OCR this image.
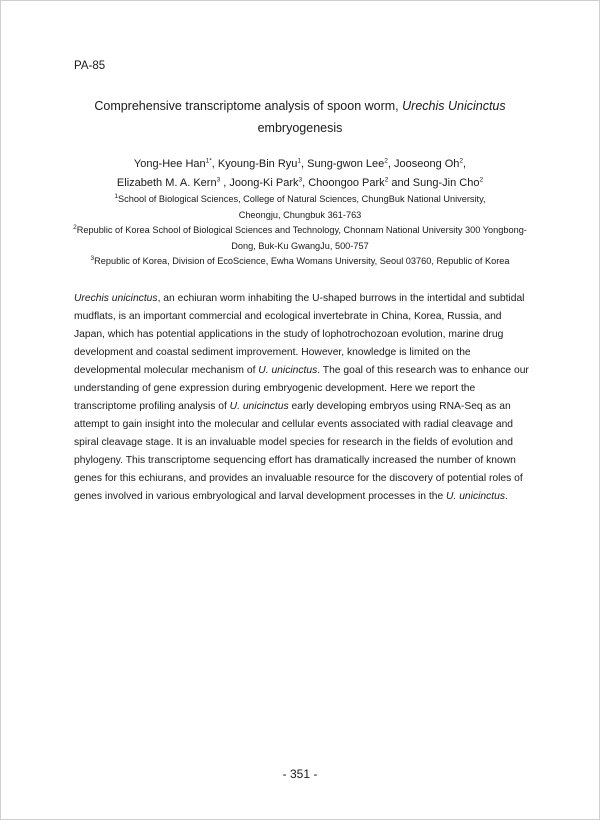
PA-85

Comprehensive transcriptome analysis of spoon worm, Urechis Unicinctus
embryogenesis
Yong-Hee Han$^{1*}$, Kyoung-Bin Ryu$^1$, Sung-gwon Lee$^2$, Jooseong Oh$^2$,
Elizabeth M. A. Kern$^3$ , Joong-Ki Park$^3$, Choongoo Park$^2$ and Sung-Jin Cho$^2$
$^1$School of Biological Sciences, College of Natural Sciences, ChungBuk National University,
Cheongju, Chungbuk 361-763
$^2$Republic of Korea School of Biological Sciences and Technology, Chonnam National University 300 Yongbong-
Dong, Buk-Ku GwangJu, 500-757
$^3$Republic of Korea, Division of EcoScience, Ewha Womans University, Seoul 03760, Republic of Korea

Urechis unicinctus, an echiuran worm inhabiting the U-shaped burrows in the intertidal and subtidal mudflats, is an important commercial and ecological invertebrate in China, Korea, Russia, and Japan, which has potential applications in the study of lophotrochozoan evolution, marine drug development and coastal sediment improvement. However, knowledge is limited on the developmental molecular mechanism of U. unicinctus. The goal of this research was to enhance our understanding of gene expression during embryogenic development. Here we report the transcriptome profiling analysis of U. unicinctus early developing embryos using RNA-Seq as an attempt to gain insight into the molecular and cellular events associated with radial cleavage and spiral cleavage stage. It is an invaluable model species for research in the fields of evolution and phylogeny. This transcriptome sequencing effort has dramatically increased the number of known genes for this echiurans, and provides an invaluable resource for the discovery of potential roles of genes involved in various embryological and larval development processes in the U. unicinctus.

- 351 -
